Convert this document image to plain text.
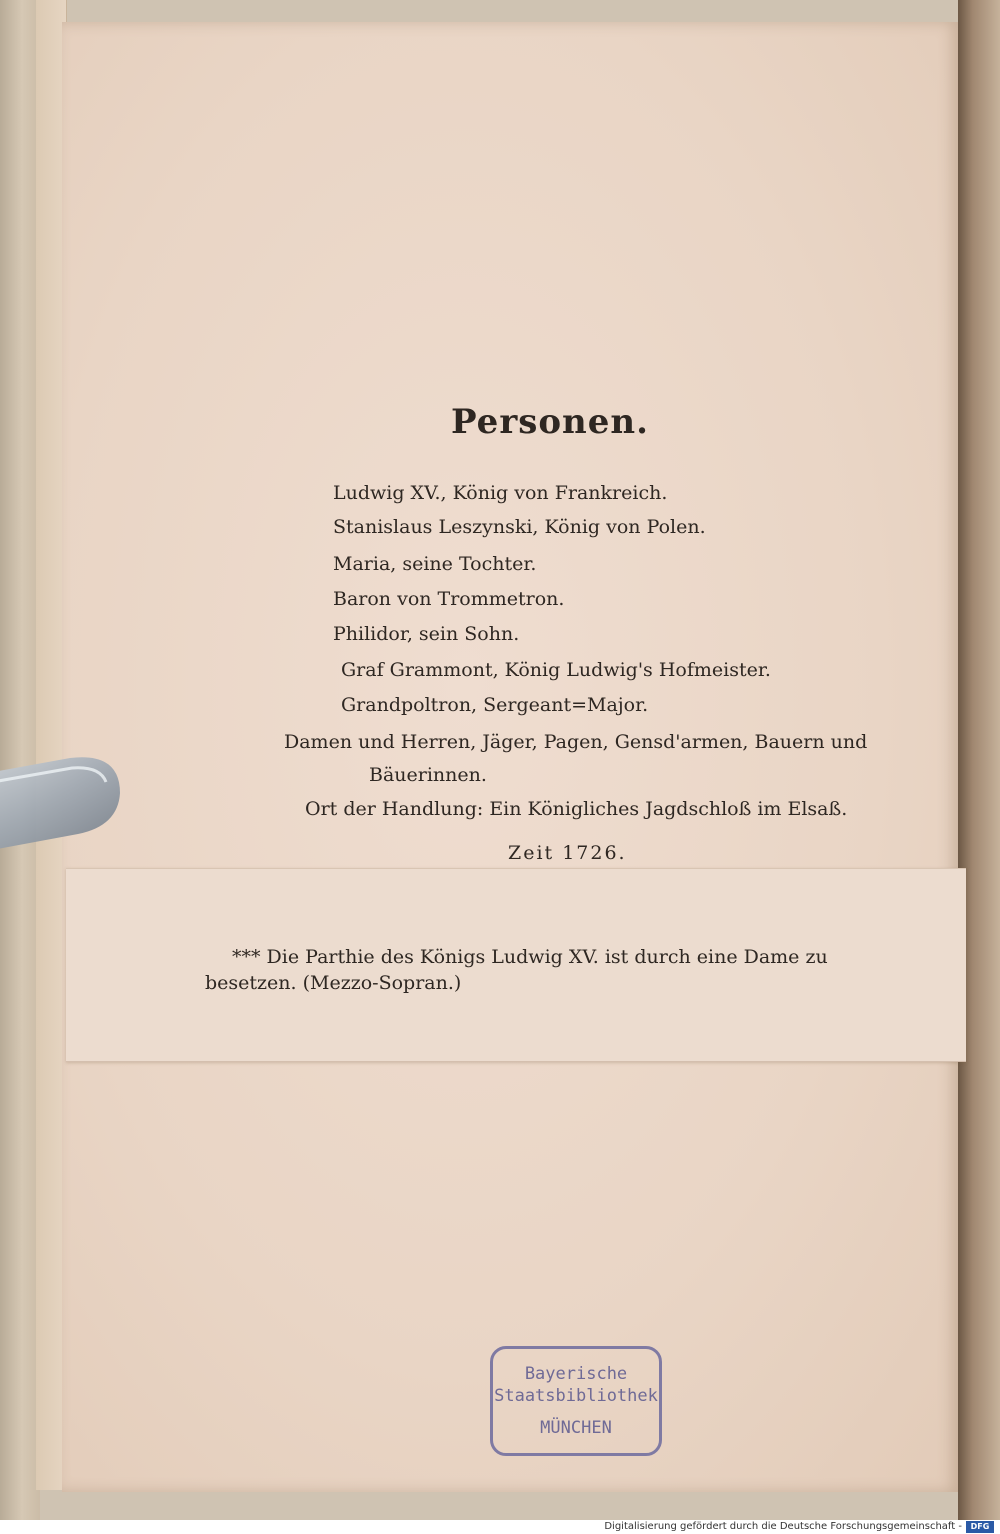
Personen.
Ludwig XV., König von Frankreich.
Stanislaus Leszynski, König von Polen.
Maria, seine Tochter.
Baron von Trommetron.
Philidor, sein Sohn.
Graf Grammont, König Ludwig's Hofmeister.
Grandpoltron, Sergeant=Major.
Damen und Herren, Jäger, Pagen, Gensd'armen, Bauern und
Bäuerinnen.
Ort der Handlung: Ein Königliches Jagdschloß im Elsaß.
Zeit 1726.
*** Die Parthie des Königs Ludwig XV. ist durch eine Dame zu
besetzen. (Mezzo-Sopran.)
Bayerische
Staatsbibliothek
MÜNCHEN
Digitalisierung gefördert durch die Deutsche Forschungsgemeinschaft -	DFG
